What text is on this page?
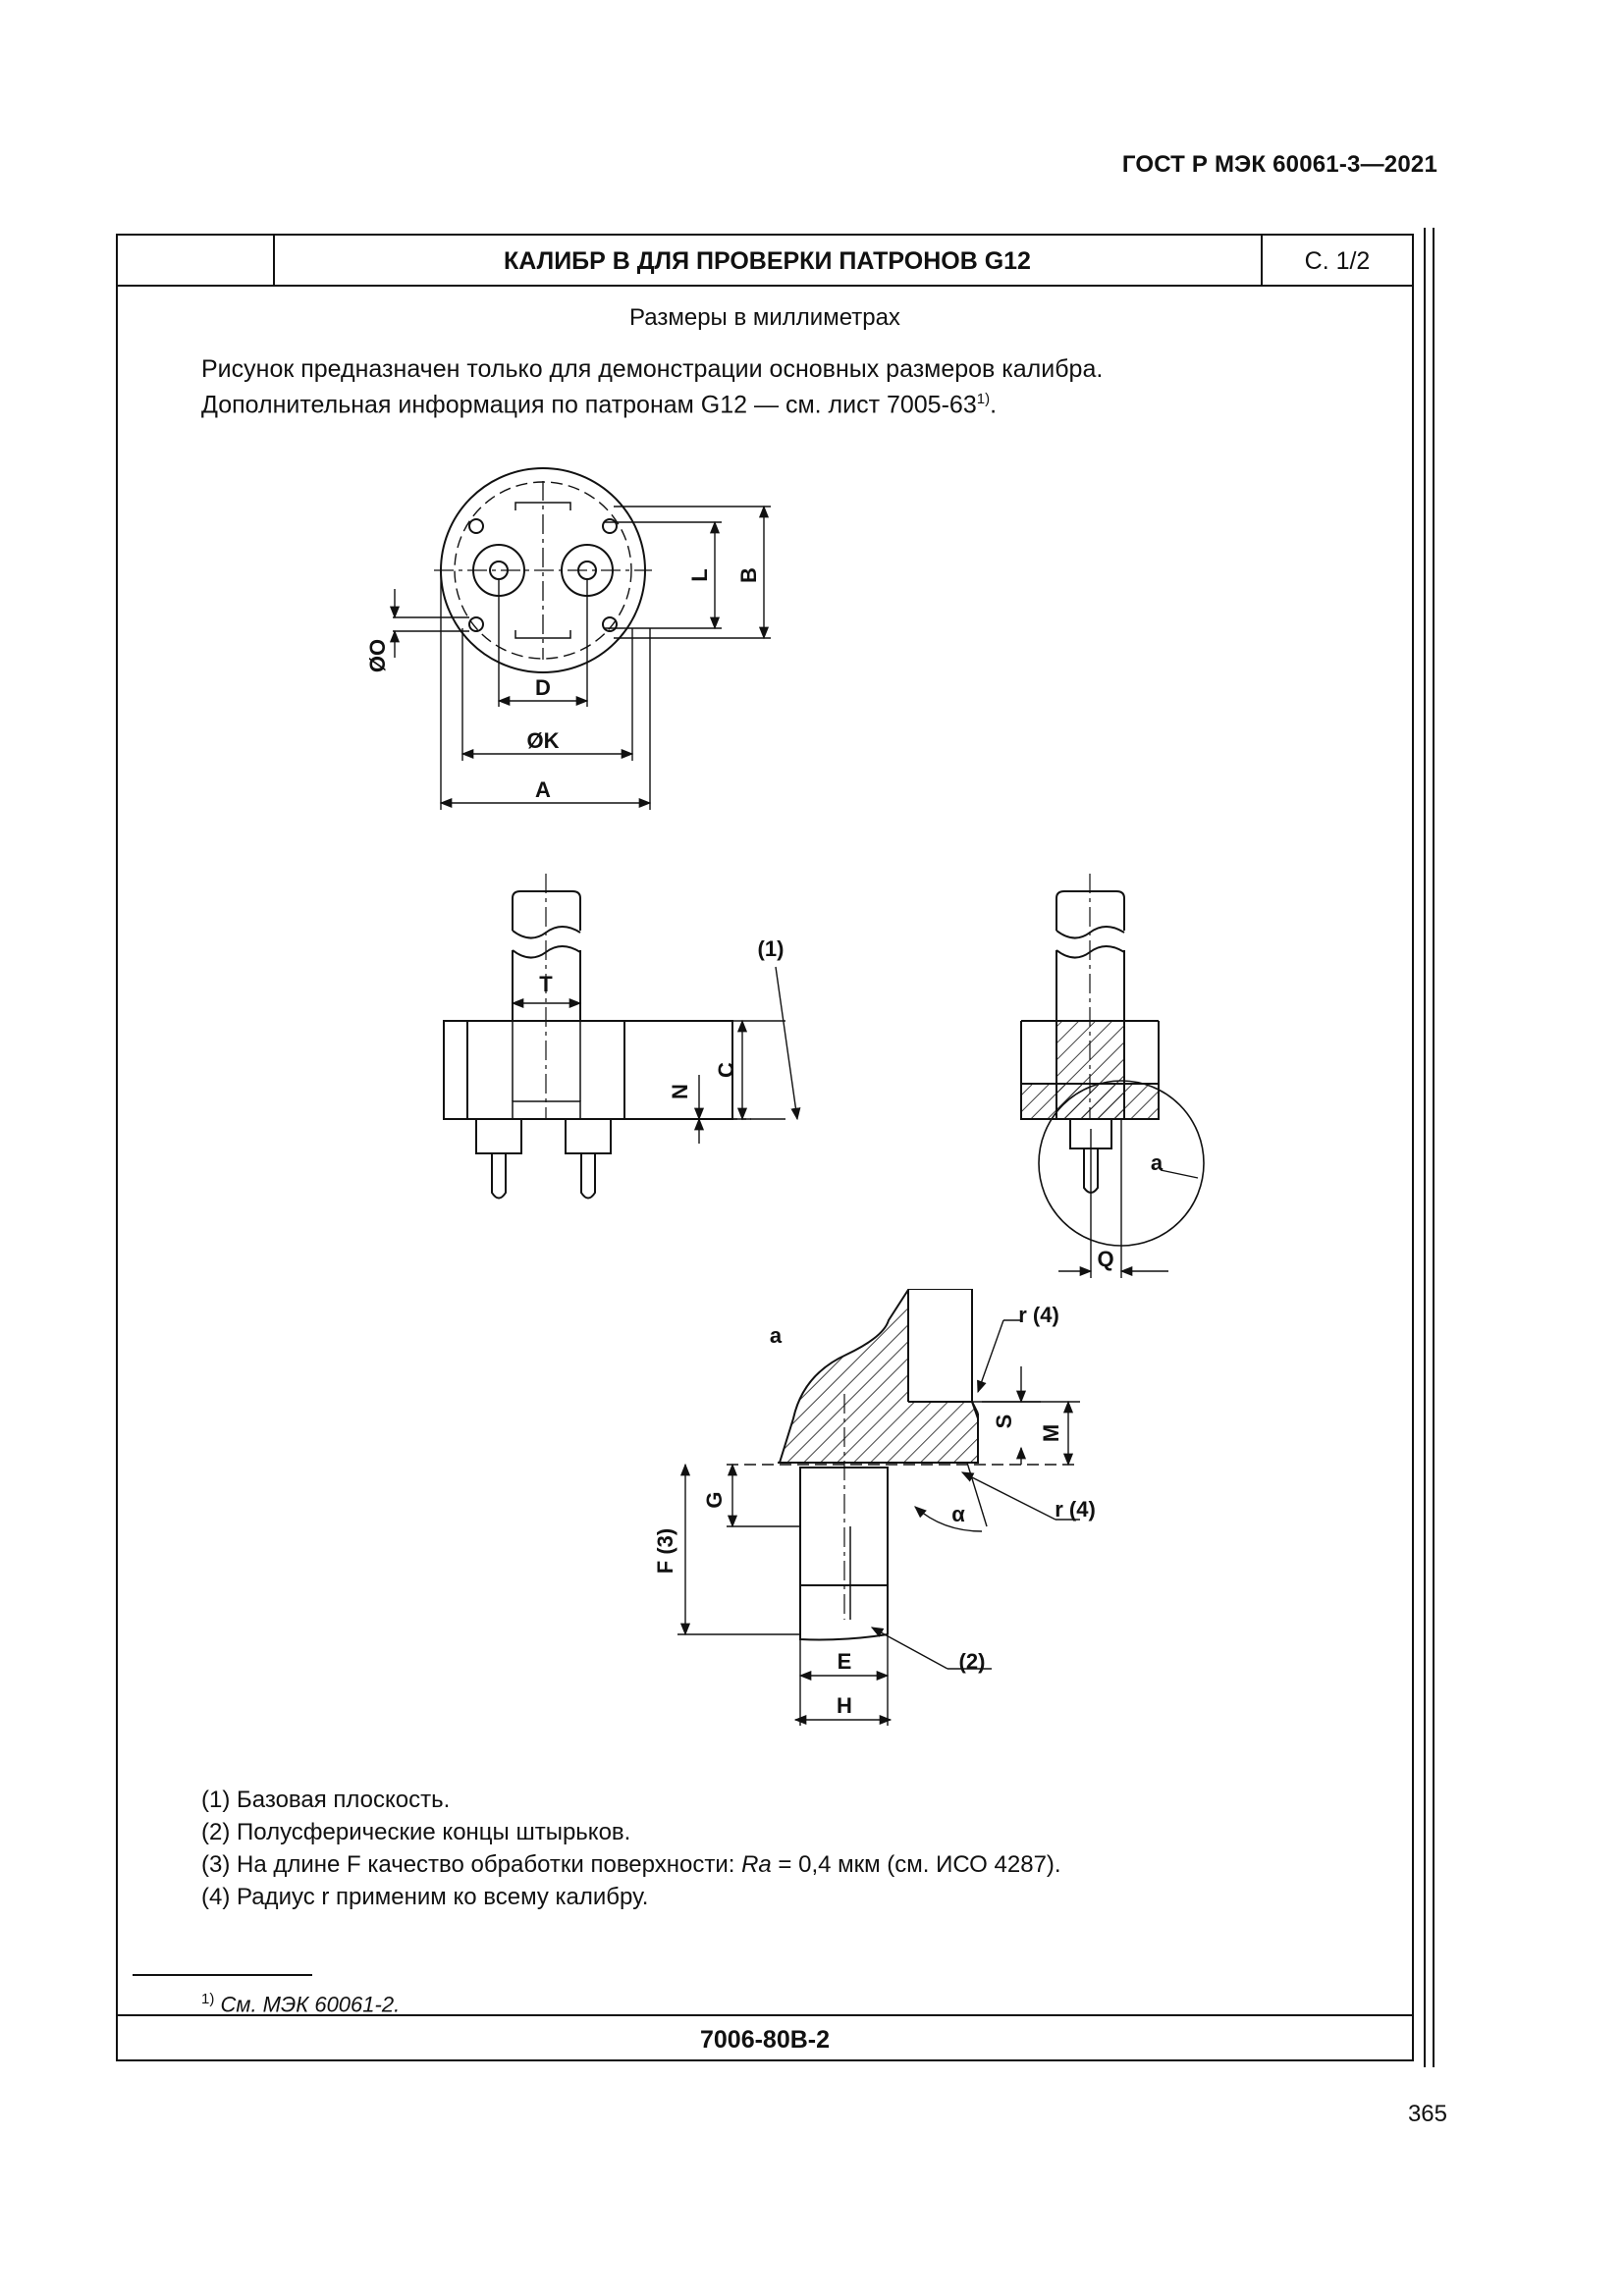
ГОСТ Р МЭК 60061-3—2021
КАЛИБР В ДЛЯ ПРОВЕРКИ ПАТРОНОВ G12	С. 1/2
Размеры в миллиметрах
Рисунок предназначен только для демонстрации основных размеров калибра.
Дополнительная информация по патронам G12 — см. лист 7005-63$^{1)}$.
ØO
D
ØK
A
L B
T
N
C
(1)
a
Q
a
r (4)
S
M
G
F (3)
α	r (4)
(2)
E
H
(1) Базовая плоскость.
(2) Полусферические концы штырьков.
(3) На длине F качество обработки поверхности: Ra = 0,4 мкм (см. ИСО 4287).
(4) Радиус r применим ко всему калибру.
$^{1)}$ См. МЭК 60061-2.
7006-80В-2
365
